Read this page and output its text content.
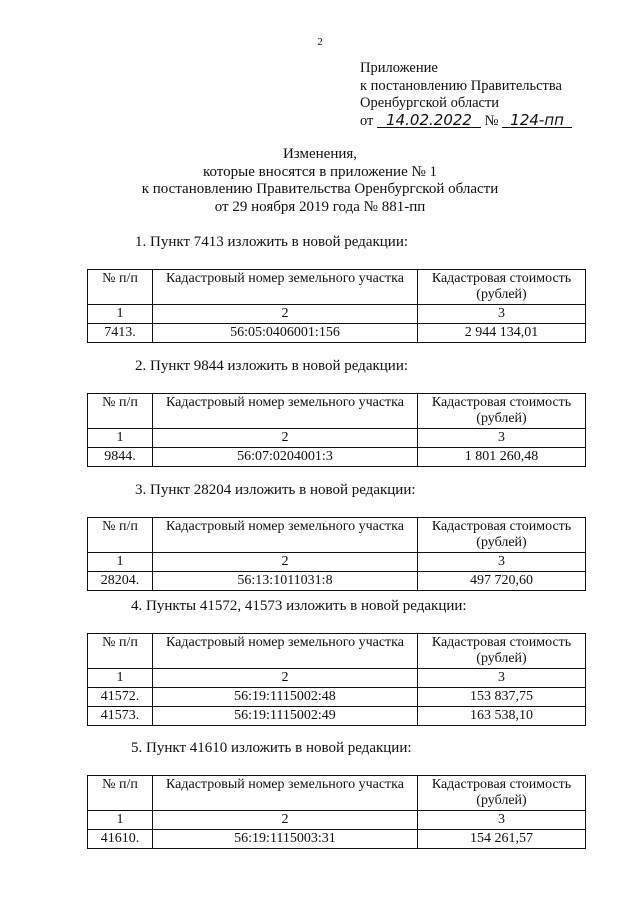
2
Приложение
к постановлению Правительства
Оренбургской области
от 14.02.2022 № 124-пп
Изменения,
которые вносятся в приложение № 1
к постановлению Правительства Оренбургской области
от 29 ноября 2019 года № 881-пп
1. Пункт 7413 изложить в новой редакции:
№ п/п	Кадастровый номер земельного участка	Кадастровая стоимость (рублей)
1	2	3
7413.	56:05:0406001:156	2 944 134,01
2. Пункт 9844 изложить в новой редакции:
№ п/п	Кадастровый номер земельного участка	Кадастровая стоимость (рублей)
1	2	3
9844.	56:07:0204001:3	1 801 260,48
3. Пункт 28204 изложить в новой редакции:
№ п/п	Кадастровый номер земельного участка	Кадастровая стоимость (рублей)
1	2	3
28204.	56:13:1011031:8	497 720,60
4. Пункты 41572, 41573 изложить в новой редакции:
№ п/п	Кадастровый номер земельного участка	Кадастровая стоимость (рублей)
1	2	3
41572.	56:19:1115002:48	153 837,75
41573.	56:19:1115002:49	163 538,10
5. Пункт 41610 изложить в новой редакции:
№ п/п	Кадастровый номер земельного участка	Кадастровая стоимость (рублей)
1	2	3
41610.	56:19:1115003:31	154 261,57
